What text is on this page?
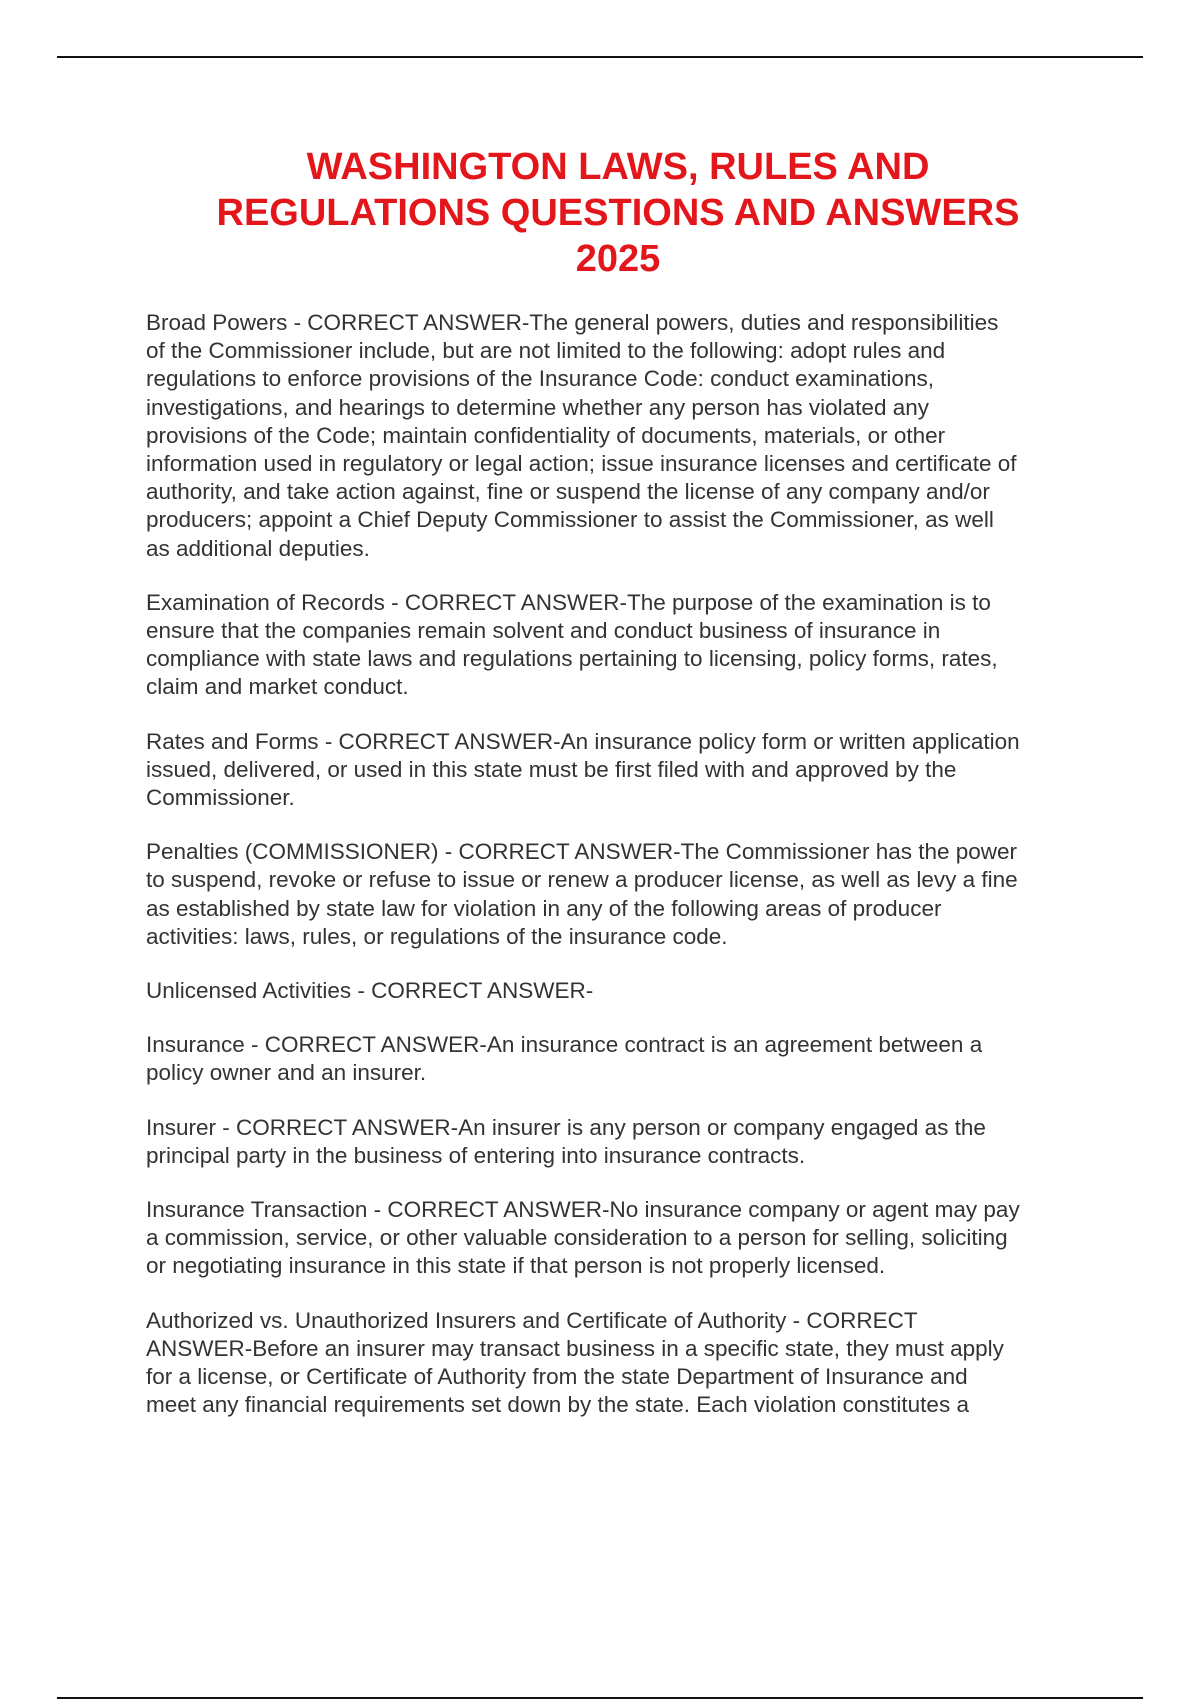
WASHINGTON LAWS, RULES AND
REGULATIONS QUESTIONS AND ANSWERS
2025
Broad Powers - CORRECT ANSWER-The general powers, duties and responsibilities
of the Commissioner include, but are not limited to the following: adopt rules and
regulations to enforce provisions of the Insurance Code: conduct examinations,
investigations, and hearings to determine whether any person has violated any
provisions of the Code; maintain confidentiality of documents, materials, or other
information used in regulatory or legal action; issue insurance licenses and certificate of
authority, and take action against, fine or suspend the license of any company and/or
producers; appoint a Chief Deputy Commissioner to assist the Commissioner, as well
as additional deputies.
Examination of Records - CORRECT ANSWER-The purpose of the examination is to
ensure that the companies remain solvent and conduct business of insurance in
compliance with state laws and regulations pertaining to licensing, policy forms, rates,
claim and market conduct.
Rates and Forms - CORRECT ANSWER-An insurance policy form or written application
issued, delivered, or used in this state must be first filed with and approved by the
Commissioner.
Penalties (COMMISSIONER) - CORRECT ANSWER-The Commissioner has the power
to suspend, revoke or refuse to issue or renew a producer license, as well as levy a fine
as established by state law for violation in any of the following areas of producer
activities: laws, rules, or regulations of the insurance code.
Unlicensed Activities - CORRECT ANSWER-
Insurance - CORRECT ANSWER-An insurance contract is an agreement between a
policy owner and an insurer.
Insurer - CORRECT ANSWER-An insurer is any person or company engaged as the
principal party in the business of entering into insurance contracts.
Insurance Transaction - CORRECT ANSWER-No insurance company or agent may pay
a commission, service, or other valuable consideration to a person for selling, soliciting
or negotiating insurance in this state if that person is not properly licensed.
Authorized vs. Unauthorized Insurers and Certificate of Authority - CORRECT
ANSWER-Before an insurer may transact business in a specific state, they must apply
for a license, or Certificate of Authority from the state Department of Insurance and
meet any financial requirements set down by the state. Each violation constitutes a
